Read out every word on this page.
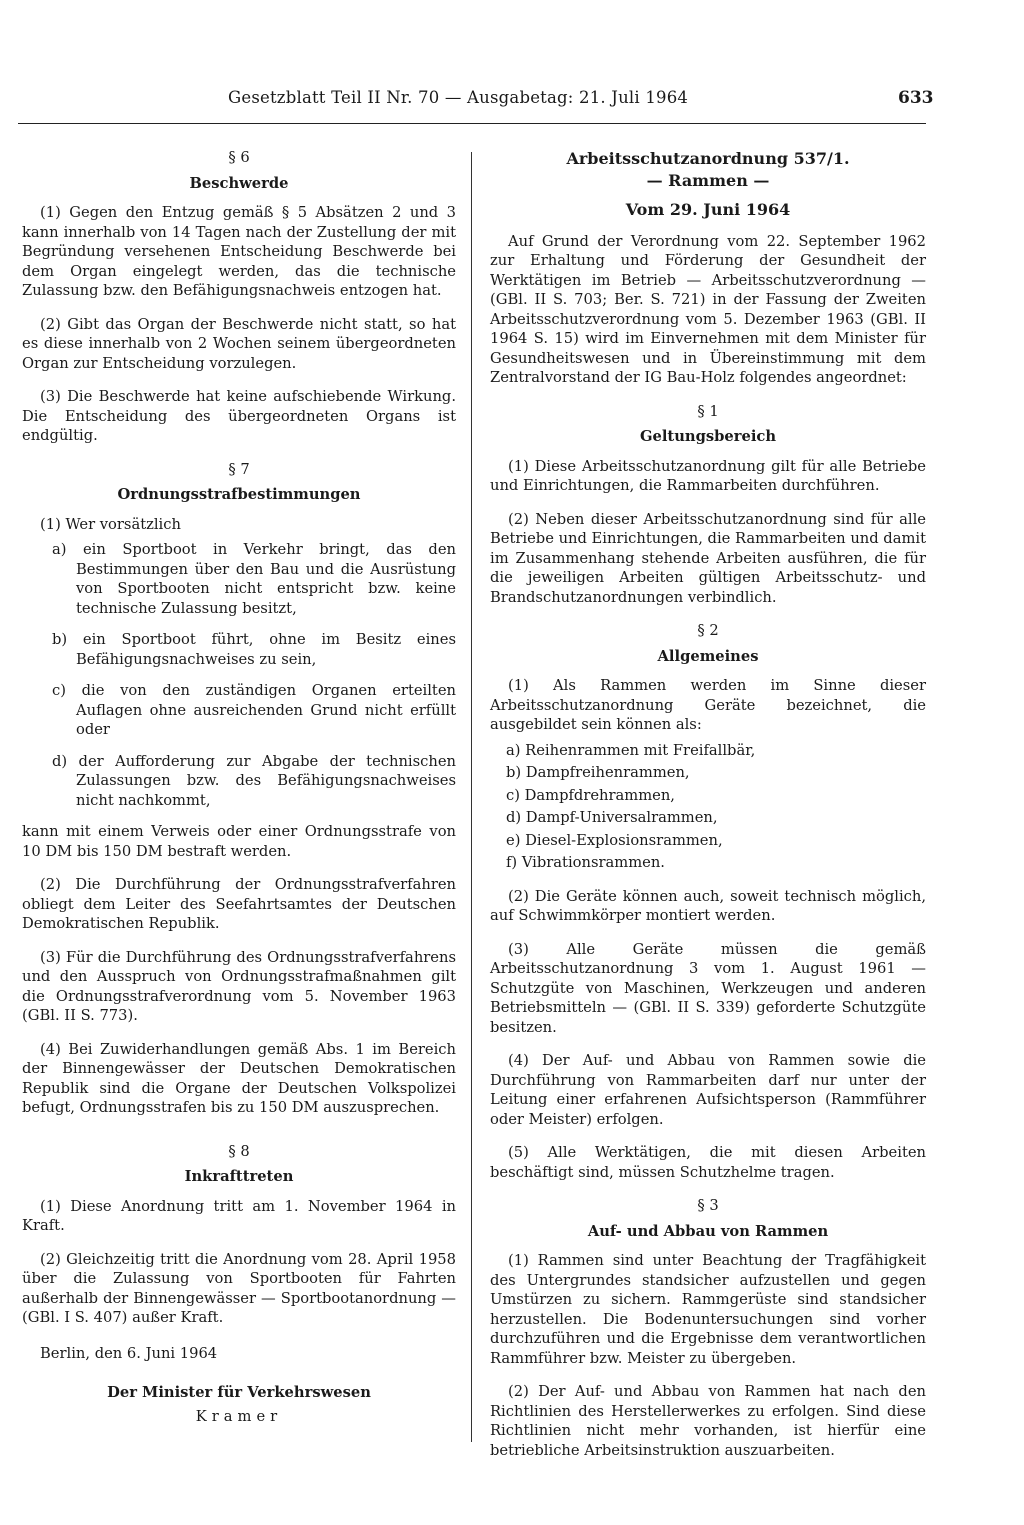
Gesetzblatt Teil II Nr. 70 — Ausgabetag: 21. Juli 1964	633
§ 6
Beschwerde

(1) Gegen den Entzug gemäß § 5 Absätzen 2 und 3 kann innerhalb von 14 Tagen nach der Zustellung der mit Begründung versehenen Entscheidung Beschwerde bei dem Organ eingelegt werden, das die technische Zulassung bzw. den Befähigungsnachweis entzogen hat.

(2) Gibt das Organ der Beschwerde nicht statt, so hat es diese innerhalb von 2 Wochen seinem übergeordneten Organ zur Entscheidung vorzulegen.

(3) Die Beschwerde hat keine aufschiebende Wirkung. Die Entscheidung des übergeordneten Organs ist endgültig.

§ 7
Ordnungsstrafbestimmungen

(1) Wer vorsätzlich

a) ein Sportboot in Verkehr bringt, das den Bestimmungen über den Bau und die Ausrüstung von Sportbooten nicht entspricht bzw. keine technische Zulassung besitzt,

b) ein Sportboot führt, ohne im Besitz eines Befähigungsnachweises zu sein,

c) die von den zuständigen Organen erteilten Auflagen ohne ausreichenden Grund nicht erfüllt oder

d) der Aufforderung zur Abgabe der technischen Zulassungen bzw. des Befähigungsnachweises nicht nachkommt,

kann mit einem Verweis oder einer Ordnungsstrafe von 10 DM bis 150 DM bestraft werden.

(2) Die Durchführung der Ordnungsstrafverfahren obliegt dem Leiter des Seefahrtsamtes der Deutschen Demokratischen Republik.

(3) Für die Durchführung des Ordnungsstrafverfahrens und den Ausspruch von Ordnungsstrafmaßnahmen gilt die Ordnungsstrafverordnung vom 5. November 1963 (GBl. II S. 773).

(4) Bei Zuwiderhandlungen gemäß Abs. 1 im Bereich der Binnengewässer der Deutschen Demokratischen Republik sind die Organe der Deutschen Volkspolizei befugt, Ordnungsstrafen bis zu 150 DM auszusprechen.

§ 8
Inkrafttreten

(1) Diese Anordnung tritt am 1. November 1964 in Kraft.

(2) Gleichzeitig tritt die Anordnung vom 28. April 1958 über die Zulassung von Sportbooten für Fahrten außerhalb der Binnengewässer — Sportbootanordnung — (GBl. I S. 407) außer Kraft.

Berlin, den 6. Juni 1964
Der Minister für Verkehrswesen
Kramer
Arbeitsschutzanordnung 537/1.
— Rammen —
Vom 29. Juni 1964

Auf Grund der Verordnung vom 22. September 1962 zur Erhaltung und Förderung der Gesundheit der Werktätigen im Betrieb — Arbeitsschutzverordnung — (GBl. II S. 703; Ber. S. 721) in der Fassung der Zweiten Arbeitsschutzverordnung vom 5. Dezember 1963 (GBl. II 1964 S. 15) wird im Einvernehmen mit dem Minister für Gesundheitswesen und in Übereinstimmung mit dem Zentralvorstand der IG Bau-Holz folgendes angeordnet:

§ 1
Geltungsbereich

(1) Diese Arbeitsschutzanordnung gilt für alle Betriebe und Einrichtungen, die Rammarbeiten durchführen.

(2) Neben dieser Arbeitsschutzanordnung sind für alle Betriebe und Einrichtungen, die Rammarbeiten und damit im Zusammenhang stehende Arbeiten ausführen, die für die jeweiligen Arbeiten gültigen Arbeitsschutz- und Brandschutzanordnungen verbindlich.

§ 2
Allgemeines

(1) Als Rammen werden im Sinne dieser Arbeitsschutzanordnung Geräte bezeichnet, die ausgebildet sein können als:

a) Reihenrammen mit Freifallbär,
b) Dampfreihenrammen,
c) Dampfdrehrammen,
d) Dampf-Universalrammen,
e) Diesel-Explosionsrammen,
f) Vibrationsrammen.

(2) Die Geräte können auch, soweit technisch möglich, auf Schwimmkörper montiert werden.

(3) Alle Geräte müssen die gemäß Arbeitsschutzanordnung 3 vom 1. August 1961 — Schutzgüte von Maschinen, Werkzeugen und anderen Betriebsmitteln — (GBl. II S. 339) geforderte Schutzgüte besitzen.

(4) Der Auf- und Abbau von Rammen sowie die Durchführung von Rammarbeiten darf nur unter der Leitung einer erfahrenen Aufsichtsperson (Rammführer oder Meister) erfolgen.

(5) Alle Werktätigen, die mit diesen Arbeiten beschäftigt sind, müssen Schutzhelme tragen.

§ 3
Auf- und Abbau von Rammen

(1) Rammen sind unter Beachtung der Tragfähigkeit des Untergrundes standsicher aufzustellen und gegen Umstürzen zu sichern. Rammgerüste sind standsicher herzustellen. Die Bodenuntersuchungen sind vorher durchzuführen und die Ergebnisse dem verantwortlichen Rammführer bzw. Meister zu übergeben.

(2) Der Auf- und Abbau von Rammen hat nach den Richtlinien des Herstellerwerkes zu erfolgen. Sind diese Richtlinien nicht mehr vorhanden, ist hierfür eine betriebliche Arbeitsinstruktion auszuarbeiten.
